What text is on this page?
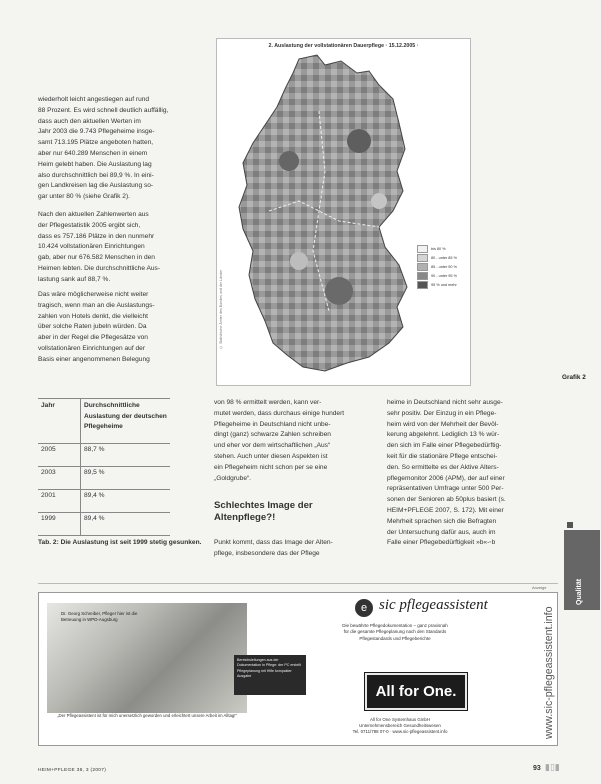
wiederholt leicht angestiegen auf rund
88 Prozent. Es wird schnell deutlich auffällig,
dass auch den aktuellen Werten im
Jahr 2003 die 9.743 Pflegeheime insge-
samt 713.195 Plätze angeboten hatten,
aber nur 640.289 Menschen in einem
Heim gelebt haben. Die Auslastung lag
also durchschnittlich bei 89,9 %. In eini-
gen Landkreisen lag die Auslastung so-
gar unter 80 % (siehe Grafik 2).
Nach den aktuellen Zahlenwerten aus
der Pflegestatistik 2005 ergibt sich,
dass es 757.186 Plätze in den nunmehr
10.424 vollstationären Einrichtungen
gab, aber nur 676.582 Menschen in den
Heimen lebten. Die durchschnittliche Aus-
lastung sank auf 88,7 %.
Das wäre möglicherweise nicht weiter
tragisch, wenn man an die Auslastungs-
zahlen von Hotels denkt, die vielleicht
über solche Raten jubeln würden. Da
aber in der Regel die Pflegesätze von
vollstationären Einrichtungen auf der
Basis einer angenommenen Belegung
2. Auslastung der vollstationären Dauerpflege · 15.12.2005 ·
© Statistische Ämter des Bundes und der Länder
bis 80 %
80 - unter 85 %
85 - unter 90 %
90 - unter 95 %
95 % und mehr
Grafik 2
Qualität
Jahr	Durchschnittliche Auslastung der deutschen Pflegeheime
2005	88,7 %
2003	89,5 %
2001	89,4 %
1999	89,4 %
Tab. 2: Die Auslastung ist seit 1999 stetig gesunken.
von 98 % ermittelt werden, kann ver-
mutet werden, dass durchaus einige hundert
Pflegeheime in Deutschland nicht unbe-
dingt (ganz) schwarze Zahlen schreiben
und eher vor dem wirtschaftlichen „Aus“
stehen. Auch unter diesen Aspekten ist
ein Pflegeheim nicht schon per se eine
„Goldgrube“.
Schlechtes Image der Altenpflege?!
Punkt kommt, dass das Image der Alten-
pflege, insbesondere das der Pflege
heime in Deutschland nicht sehr ausge-
sehr positiv. Der Einzug in ein Pflege-
heim wird von der Mehrheit der Bevöl-
kerung abgelehnt. Lediglich 13 % wür-
den sich im Falle einer Pflegebedürftig-
keit für die stationäre Pflege entschei-
den. So ermittelte es der Aktive Alters-
pflegemonitor 2006 (APM), der auf einer
repräsentativen Umfrage unter 500 Per-
sonen der Senioren ab 50plus basiert (s.
HEIM+PFLEGE 2007, S. 172). Mit einer
Mehrheit sprachen sich die Befragten
der Untersuchung dafür aus, auch im
Falle einer Pflegebedürftigkeit »b«-◦b
Anzeige
Dr. Georg Schreiber, Pfleger hier ist die Betreuung in WPD-Augsburg
Bereichsleitungen aus der Dokumentation in Pflege: der PC erstellt Pflegeplanung mit Hilfe kompakter Ausgabe
„Der Pflegeassistent ist für mich unersetzlich geworden und erleichtert unsere Arbeit im Alltag!“
e sic pflegeassistent
Die bewährte Pflegedokumentation – ganz praxisnah
für die gesamte Pflegeplanung nach den Standards
Pflegestandards und Pflegeberichte
All for One.
All for One Systemhaus GmbH
Unternehmensbereich Gesundheitswesen
Tel. 0711/788 07-0 · www.sic-pflegeassistent.info	www.sic-pflegeassistent.info
HEIM+PFLEGE 38, 3 (2007)	93 ▮▯▮
